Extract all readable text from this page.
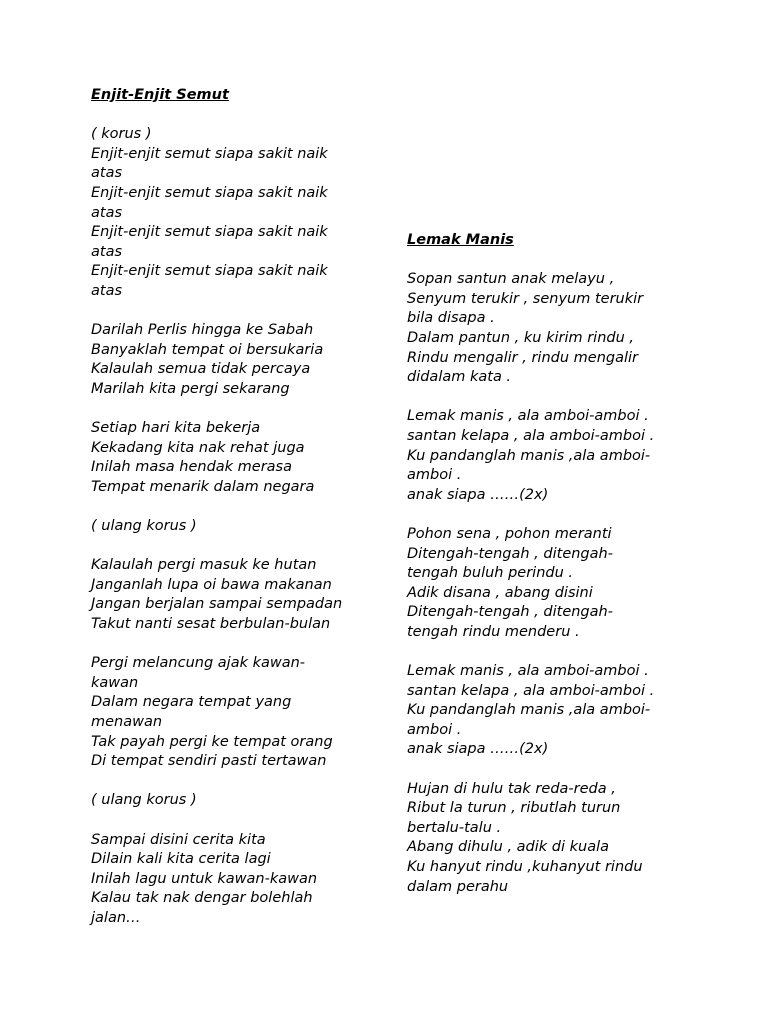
Enjit-Enjit Semut
( korus )
Enjit-enjit semut siapa sakit naik
atas
Enjit-enjit semut siapa sakit naik
atas
Enjit-enjit semut siapa sakit naik
atas
Enjit-enjit semut siapa sakit naik
atas
Darilah Perlis hingga ke Sabah
Banyaklah tempat oi bersukaria
Kalaulah semua tidak percaya
Marilah kita pergi sekarang
Setiap hari kita bekerja
Kekadang kita nak rehat juga
Inilah masa hendak merasa
Tempat menarik dalam negara
( ulang korus )
Kalaulah pergi masuk ke hutan
Janganlah lupa oi bawa makanan
Jangan berjalan sampai sempadan
Takut nanti sesat berbulan-bulan
Pergi melancung ajak kawan-
kawan
Dalam negara tempat yang
menawan
Tak payah pergi ke tempat orang
Di tempat sendiri pasti tertawan
( ulang korus )
Sampai disini cerita kita
Dilain kali kita cerita lagi
Inilah lagu untuk kawan-kawan
Kalau tak nak dengar bolehlah
jalan…
Lemak Manis
Sopan santun anak melayu ,
Senyum terukir , senyum terukir
bila disapa .
Dalam pantun , ku kirim rindu ,
Rindu mengalir , rindu mengalir
didalam kata .
Lemak manis , ala amboi-amboi .
santan kelapa , ala amboi-amboi .
Ku pandanglah manis ,ala amboi-
amboi .
anak siapa ……(2x)
Pohon sena , pohon meranti
Ditengah-tengah , ditengah-
tengah buluh perindu .
Adik disana , abang disini
Ditengah-tengah , ditengah-
tengah rindu menderu .
Lemak manis , ala amboi-amboi .
santan kelapa , ala amboi-amboi .
Ku pandanglah manis ,ala amboi-
amboi .
anak siapa ……(2x)
Hujan di hulu tak reda-reda ,
Ribut la turun , ributlah turun
bertalu-talu .
Abang dihulu , adik di kuala
Ku hanyut rindu ,kuhanyut rindu
dalam perahu
